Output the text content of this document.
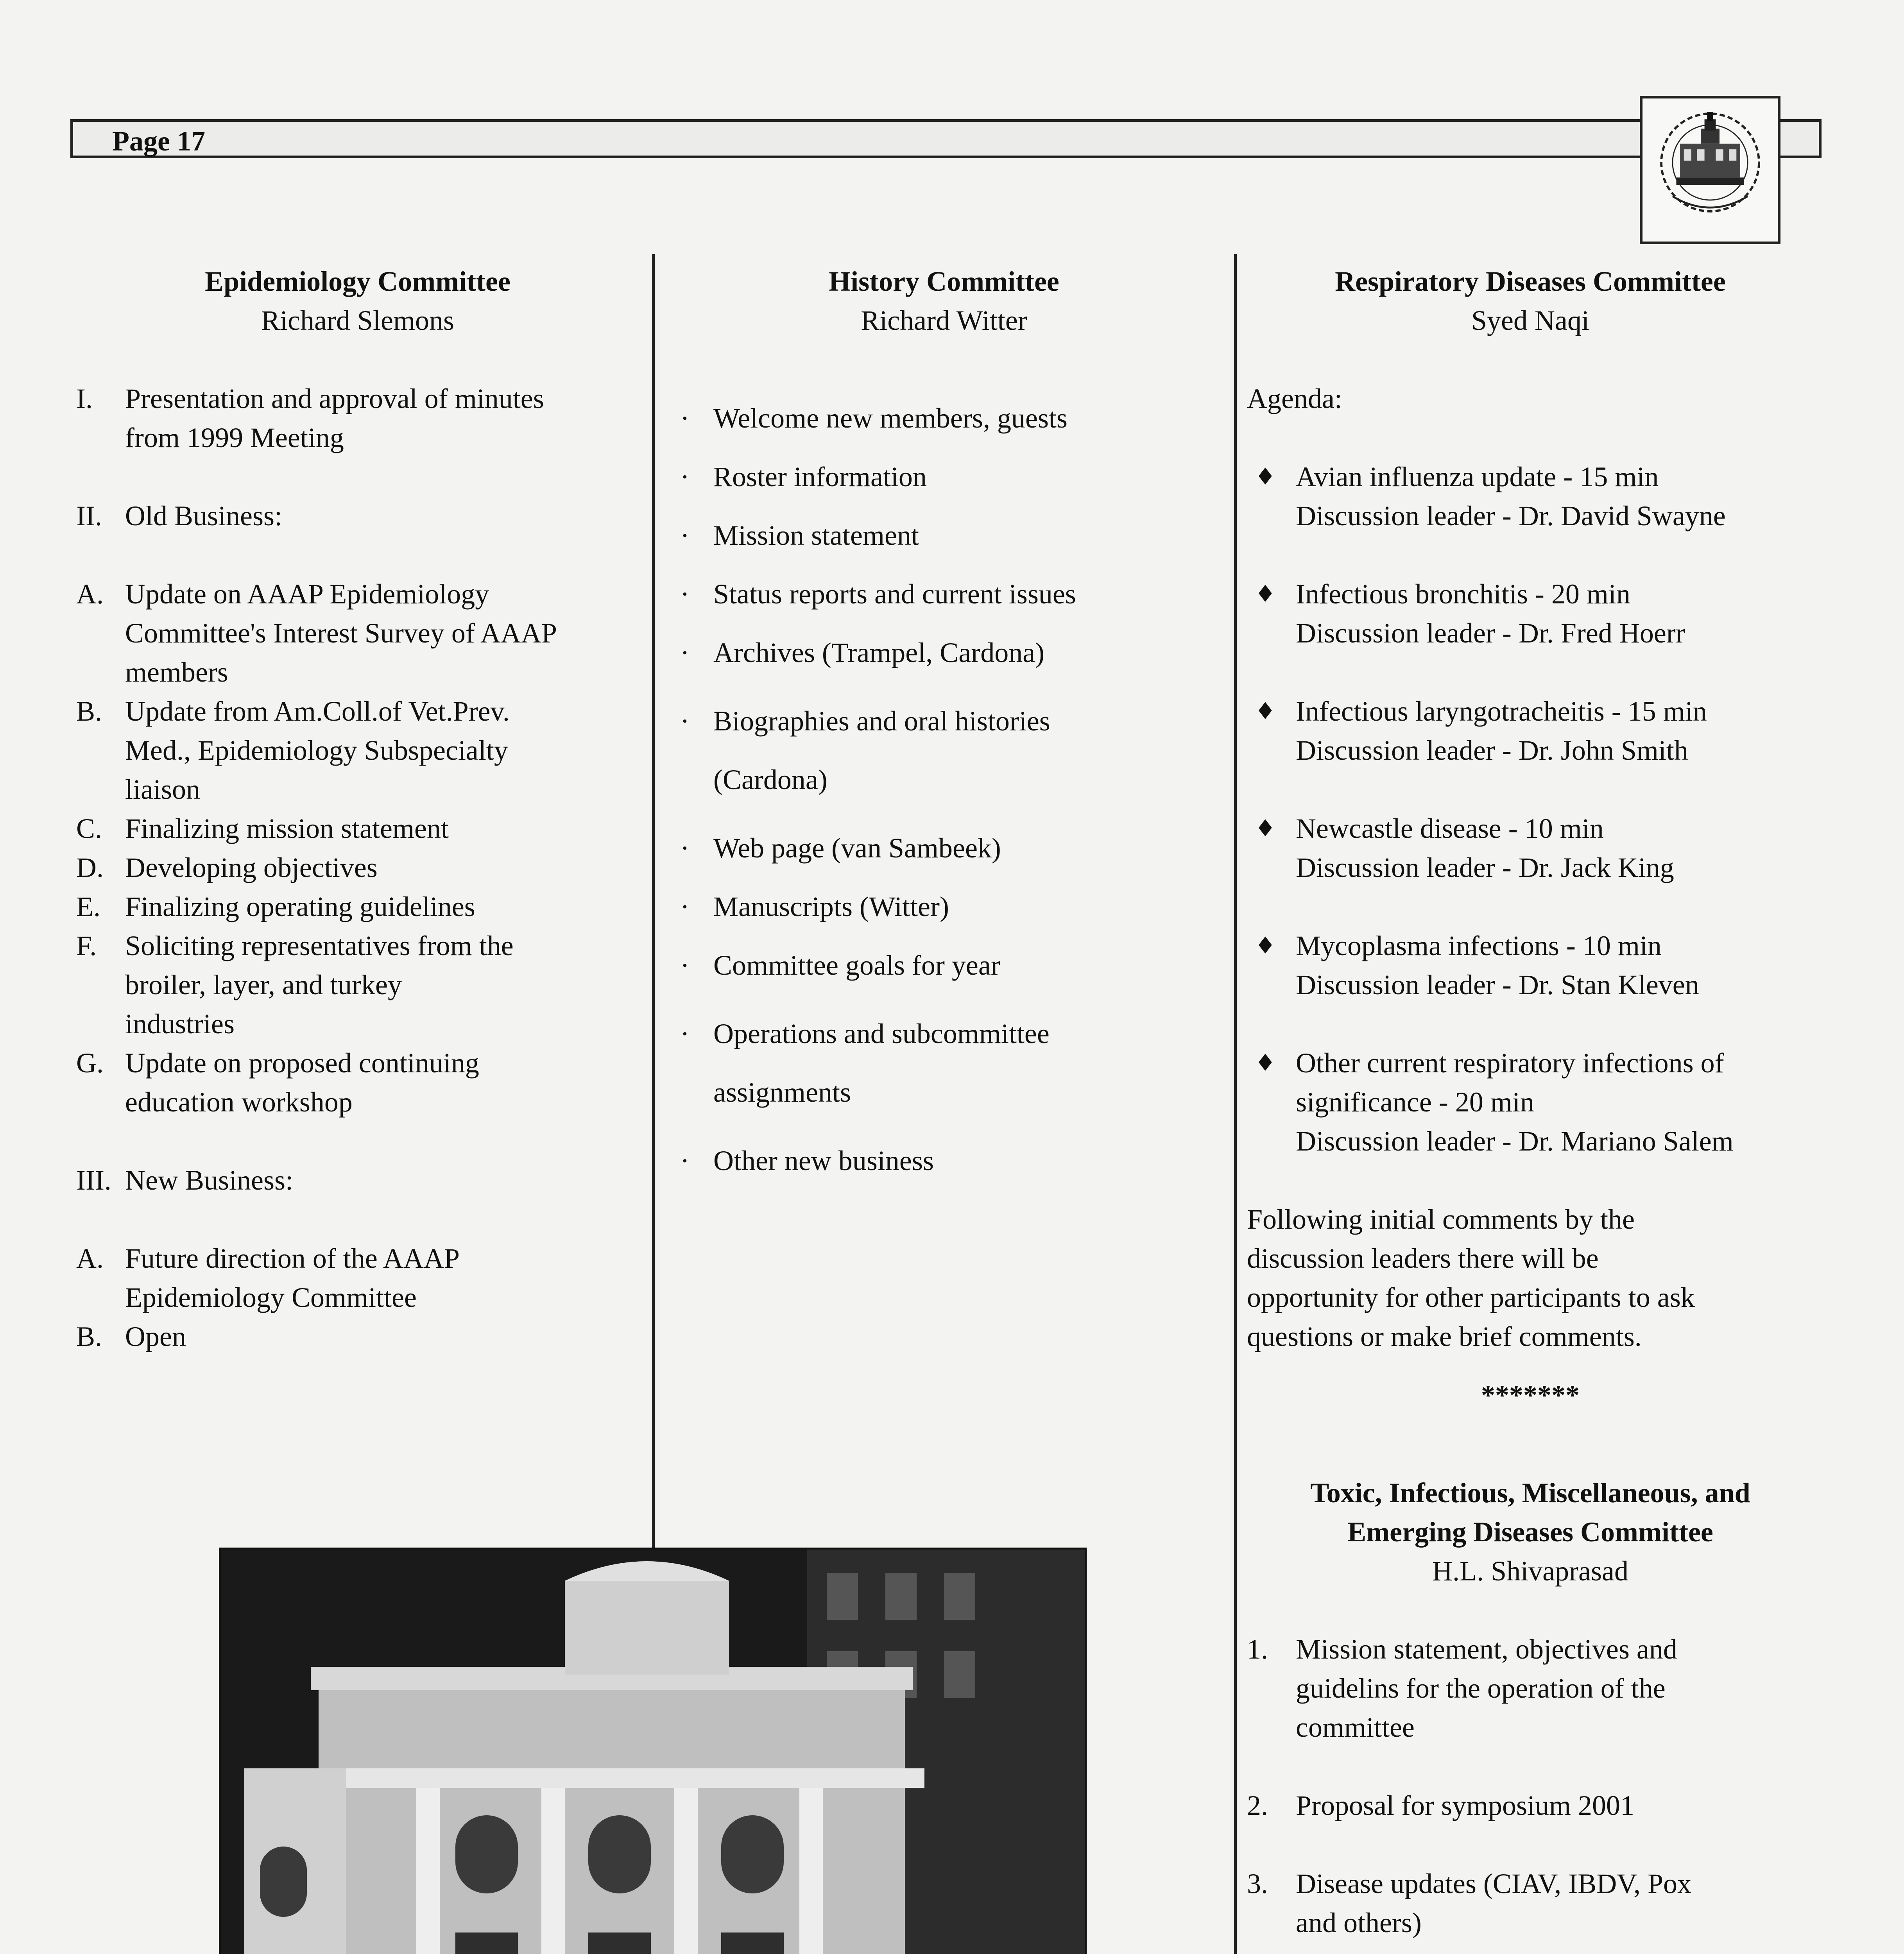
Page 17
Epidemiology Committee
Richard Slemons
I. Presentation and approval of minutes
from 1999 Meeting
II. Old Business:
A. Update on AAAP Epidemiology
Committee's Interest Survey of AAAP
members
B. Update from Am.Coll.of Vet.Prev.
Med., Epidemiology Subspecialty
liaison
C. Finalizing mission statement
D. Developing objectives
E. Finalizing operating guidelines
F. Soliciting representatives from the
broiler, layer, and turkey
industries
G. Update on proposed continuing
education workshop
III. New Business:
A. Future direction of the AAAP
Epidemiology Committee
B. Open
History Committee
Richard Witter
· Welcome new members, guests
· Roster information
· Mission statement
· Status reports and current issues
· Archives (Trampel, Cardona)
· Biographies and oral histories
(Cardona)
· Web page (van Sambeek)
· Manuscripts (Witter)
· Committee goals for year
· Operations and subcommittee
assignments
· Other new business
Respiratory Diseases Committee
Syed Naqi
Agenda:
♦ Avian influenza update - 15 min
Discussion leader - Dr. David Swayne
♦ Infectious bronchitis - 20 min
Discussion leader - Dr. Fred Hoerr
♦ Infectious laryngotracheitis - 15 min
Discussion leader - Dr. John Smith
♦ Newcastle disease - 10 min
Discussion leader - Dr. Jack King
♦ Mycoplasma infections - 10 min
Discussion leader - Dr. Stan Kleven
♦ Other current respiratory infections of
significance - 20 min
Discussion leader - Dr. Mariano Salem
Following initial comments by the
discussion leaders there will be
opportunity for other participants to ask
questions or make brief comments.
*******
Toxic, Infectious, Miscellaneous, and
Emerging Diseases Committee
H.L. Shivaprasad
1. Mission statement, objectives and
guidelins for the operation of the
committee
2. Proposal for symposium 2001
3. Disease updates (CIAV, IBDV, Pox
and others)
